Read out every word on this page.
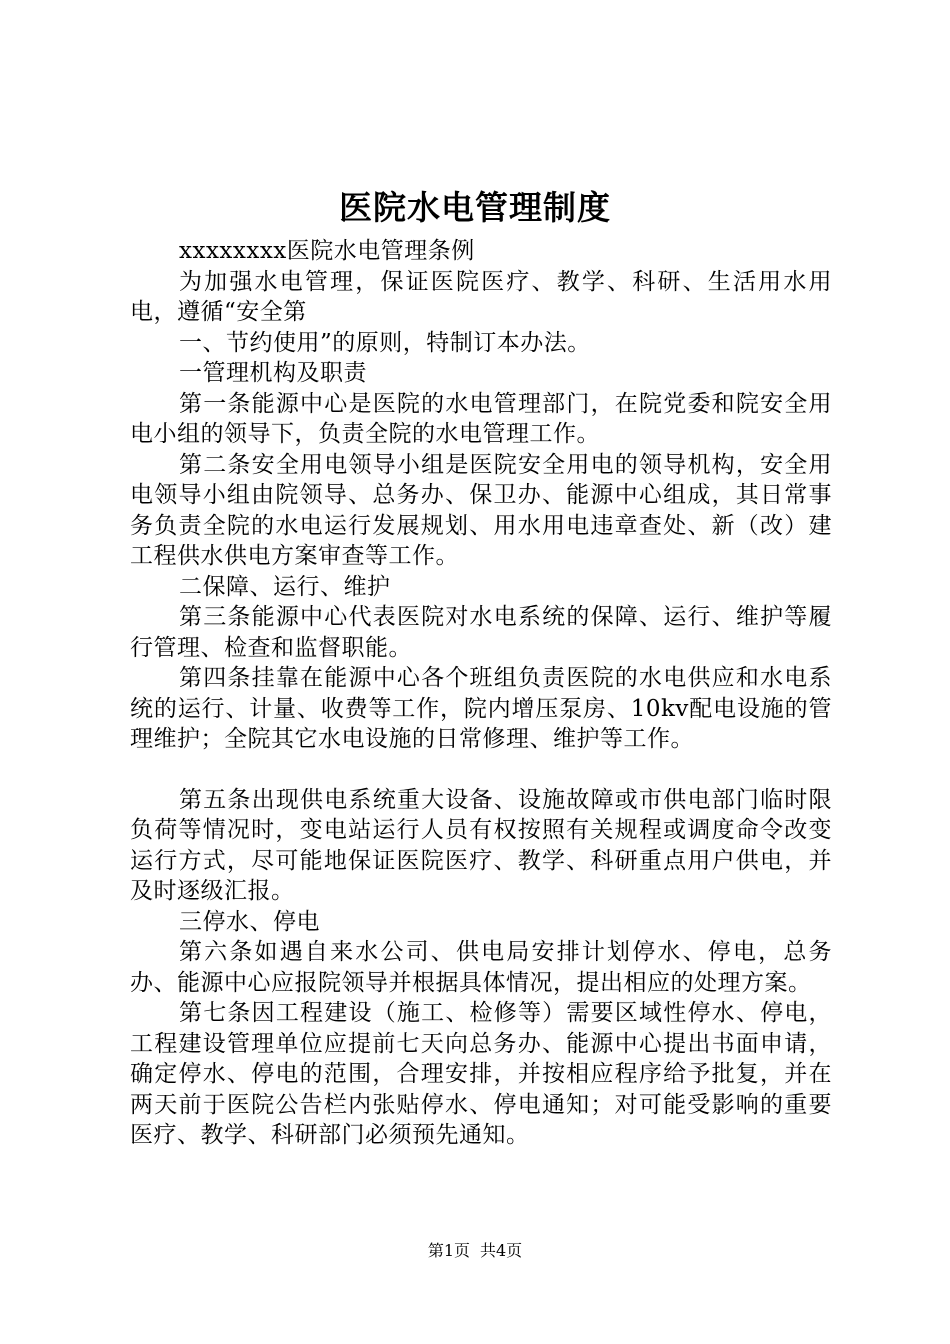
医院水电管理制度

xxxxxxxx医院水电管理条例

为加强水电管理，保证医院医疗、教学、科研、生活用水用电，遵循“安全第

一、节约使用”的原则，特制订本办法。

一管理机构及职责

第一条能源中心是医院的水电管理部门，在院党委和院安全用电小组的领导下，负责全院的水电管理工作。

第二条安全用电领导小组是医院安全用电的领导机构，安全用电领导小组由院领导、总务办、保卫办、能源中心组成，其日常事务负责全院的水电运行发展规划、用水用电违章查处、新（改）建工程供水供电方案审查等工作。

二保障、运行、维护

第三条能源中心代表医院对水电系统的保障、运行、维护等履行管理、检查和监督职能。

第四条挂靠在能源中心各个班组负责医院的水电供应和水电系统的运行、计量、收费等工作，院内增压泵房、10kv配电设施的管理维护；全院其它水电设施的日常修理、维护等工作。

第五条出现供电系统重大设备、设施故障或市供电部门临时限负荷等情况时，变电站运行人员有权按照有关规程或调度命令改变运行方式，尽可能地保证医院医疗、教学、科研重点用户供电，并及时逐级汇报。

三停水、停电

第六条如遇自来水公司、供电局安排计划停水、停电，总务办、能源中心应报院领导并根据具体情况，提出相应的处理方案。

第七条因工程建设（施工、检修等）需要区域性停水、停电，工程建设管理单位应提前七天向总务办、能源中心提出书面申请，确定停水、停电的范围，合理安排，并按相应程序给予批复，并在两天前于医院公告栏内张贴停水、停电通知；对可能受影响的重要医疗、教学、科研部门必须预先通知。

第1页 共4页
